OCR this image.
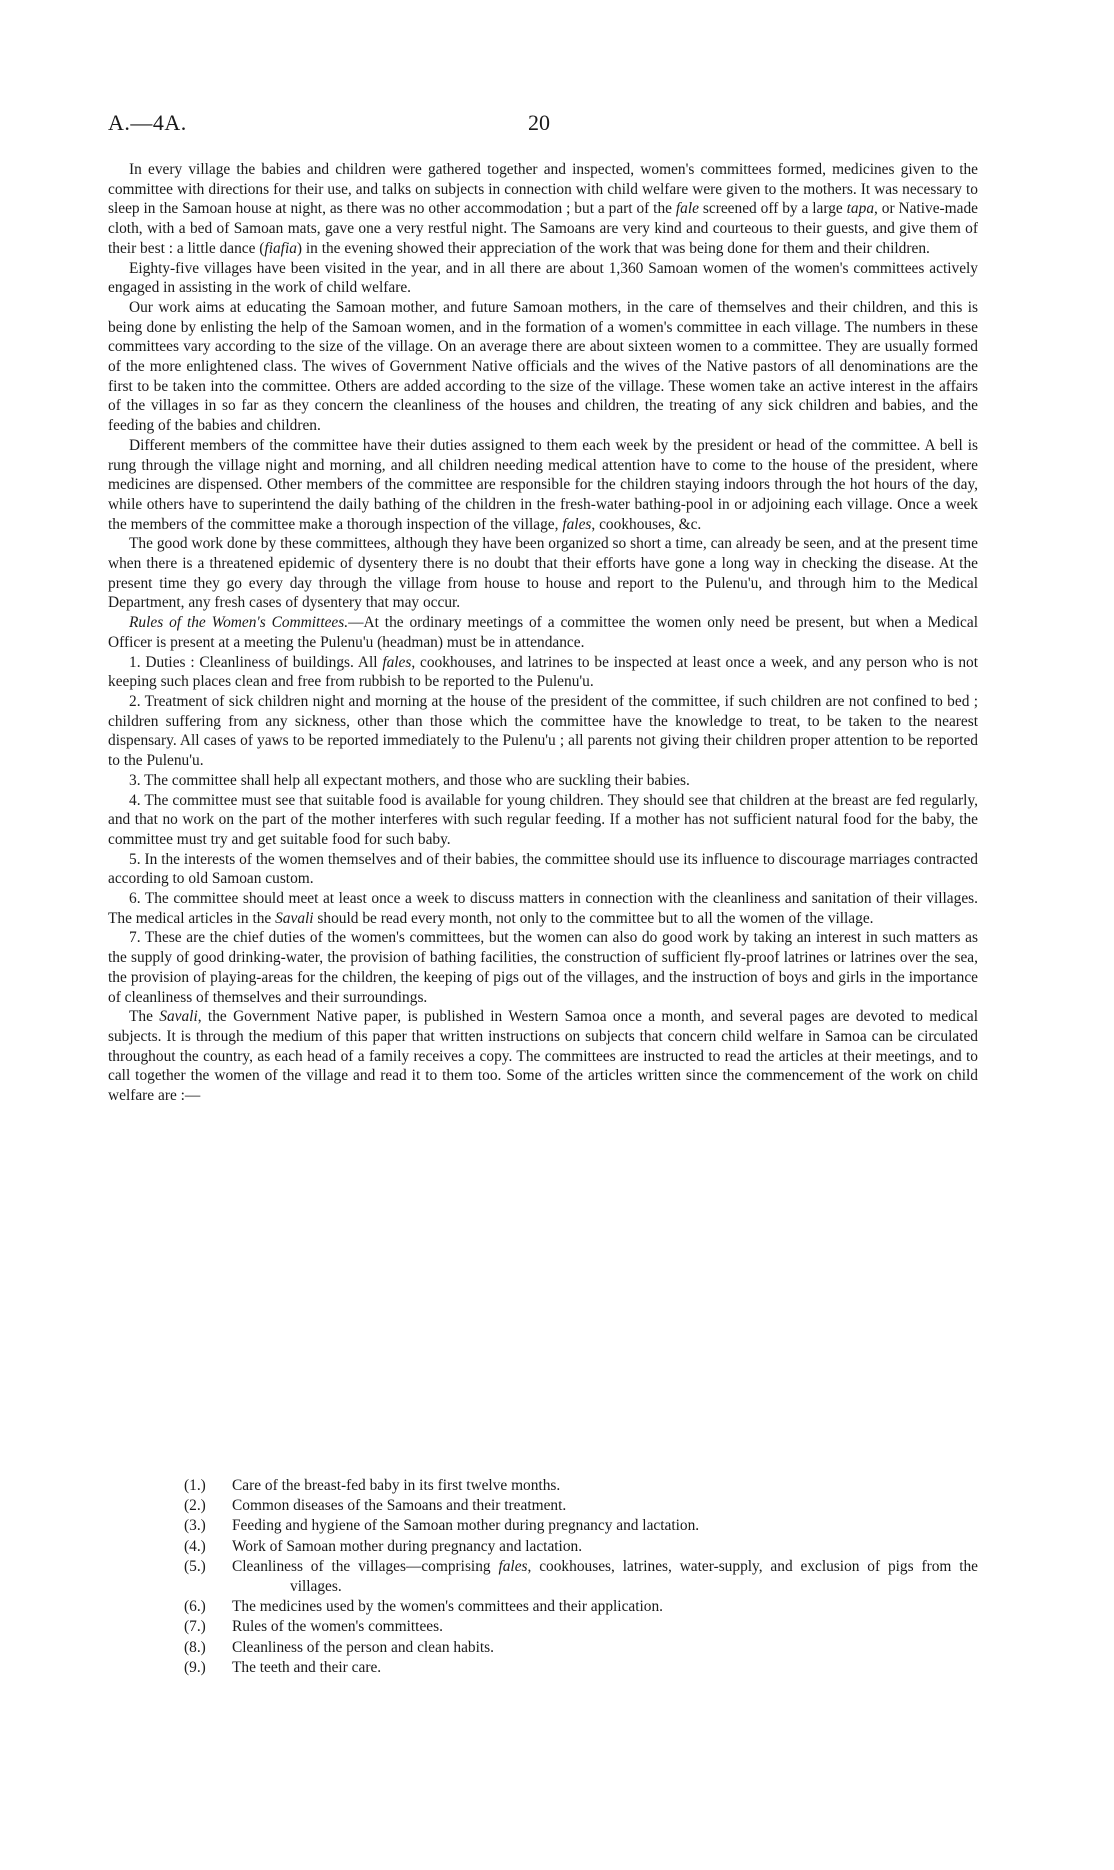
A.—4A.	20

In every village the babies and children were gathered together and inspected, women's committees formed, medicines given to the committee with directions for their use, and talks on subjects in connection with child welfare were given to the mothers. It was necessary to sleep in the Samoan house at night, as there was no other accommodation ; but a part of the fale screened off by a large tapa, or Native-made cloth, with a bed of Samoan mats, gave one a very restful night. The Samoans are very kind and courteous to their guests, and give them of their best : a little dance (fiafia) in the evening showed their appreciation of the work that was being done for them and their children.

Eighty-five villages have been visited in the year, and in all there are about 1,360 Samoan women of the women's committees actively engaged in assisting in the work of child welfare.

Our work aims at educating the Samoan mother, and future Samoan mothers, in the care of themselves and their children, and this is being done by enlisting the help of the Samoan women, and in the formation of a women's committee in each village. The numbers in these committees vary according to the size of the village. On an average there are about sixteen women to a committee. They are usually formed of the more enlightened class. The wives of Government Native officials and the wives of the Native pastors of all denominations are the first to be taken into the committee. Others are added according to the size of the village. These women take an active interest in the affairs of the villages in so far as they concern the cleanliness of the houses and children, the treating of any sick children and babies, and the feeding of the babies and children.

Different members of the committee have their duties assigned to them each week by the president or head of the committee. A bell is rung through the village night and morning, and all children needing medical attention have to come to the house of the president, where medicines are dispensed. Other members of the committee are responsible for the children staying indoors through the hot hours of the day, while others have to superintend the daily bathing of the children in the fresh-water bathing-pool in or adjoining each village. Once a week the members of the committee make a thorough inspection of the village, fales, cookhouses, &c.

The good work done by these committees, although they have been organized so short a time, can already be seen, and at the present time when there is a threatened epidemic of dysentery there is no doubt that their efforts have gone a long way in checking the disease. At the present time they go every day through the village from house to house and report to the Pulenu'u, and through him to the Medical Department, any fresh cases of dysentery that may occur.

Rules of the Women's Committees.—At the ordinary meetings of a committee the women only need be present, but when a Medical Officer is present at a meeting the Pulenu'u (headman) must be in attendance.

1. Duties : Cleanliness of buildings. All fales, cookhouses, and latrines to be inspected at least once a week, and any person who is not keeping such places clean and free from rubbish to be reported to the Pulenu'u.

2. Treatment of sick children night and morning at the house of the president of the committee, if such children are not confined to bed ; children suffering from any sickness, other than those which the committee have the knowledge to treat, to be taken to the nearest dispensary. All cases of yaws to be reported immediately to the Pulenu'u ; all parents not giving their children proper attention to be reported to the Pulenu'u.

3. The committee shall help all expectant mothers, and those who are suckling their babies.

4. The committee must see that suitable food is available for young children. They should see that children at the breast are fed regularly, and that no work on the part of the mother interferes with such regular feeding. If a mother has not sufficient natural food for the baby, the committee must try and get suitable food for such baby.

5. In the interests of the women themselves and of their babies, the committee should use its influence to discourage marriages contracted according to old Samoan custom.

6. The committee should meet at least once a week to discuss matters in connection with the cleanliness and sanitation of their villages. The medical articles in the Savali should be read every month, not only to the committee but to all the women of the village.

7. These are the chief duties of the women's committees, but the women can also do good work by taking an interest in such matters as the supply of good drinking-water, the provision of bathing facilities, the construction of sufficient fly-proof latrines or latrines over the sea, the provision of playing-areas for the children, the keeping of pigs out of the villages, and the instruction of boys and girls in the importance of cleanliness of themselves and their surroundings.

The Savali, the Government Native paper, is published in Western Samoa once a month, and several pages are devoted to medical subjects. It is through the medium of this paper that written instructions on subjects that concern child welfare in Samoa can be circulated throughout the country, as each head of a family receives a copy. The committees are instructed to read the articles at their meetings, and to call together the women of the village and read it to them too. Some of the articles written since the commencement of the work on child welfare are :—

(1.)	Care of the breast-fed baby in its first twelve months.
(2.)	Common diseases of the Samoans and their treatment.
(3.)	Feeding and hygiene of the Samoan mother during pregnancy and lactation.
(4.)	Work of Samoan mother during pregnancy and lactation.
(5.)	Cleanliness of the villages—comprising fales, cookhouses, latrines, water-supply, and exclusion of pigs from the villages.
(6.)	The medicines used by the women's committees and their application.
(7.)	Rules of the women's committees.
(8.)	Cleanliness of the person and clean habits.
(9.)	The teeth and their care.
